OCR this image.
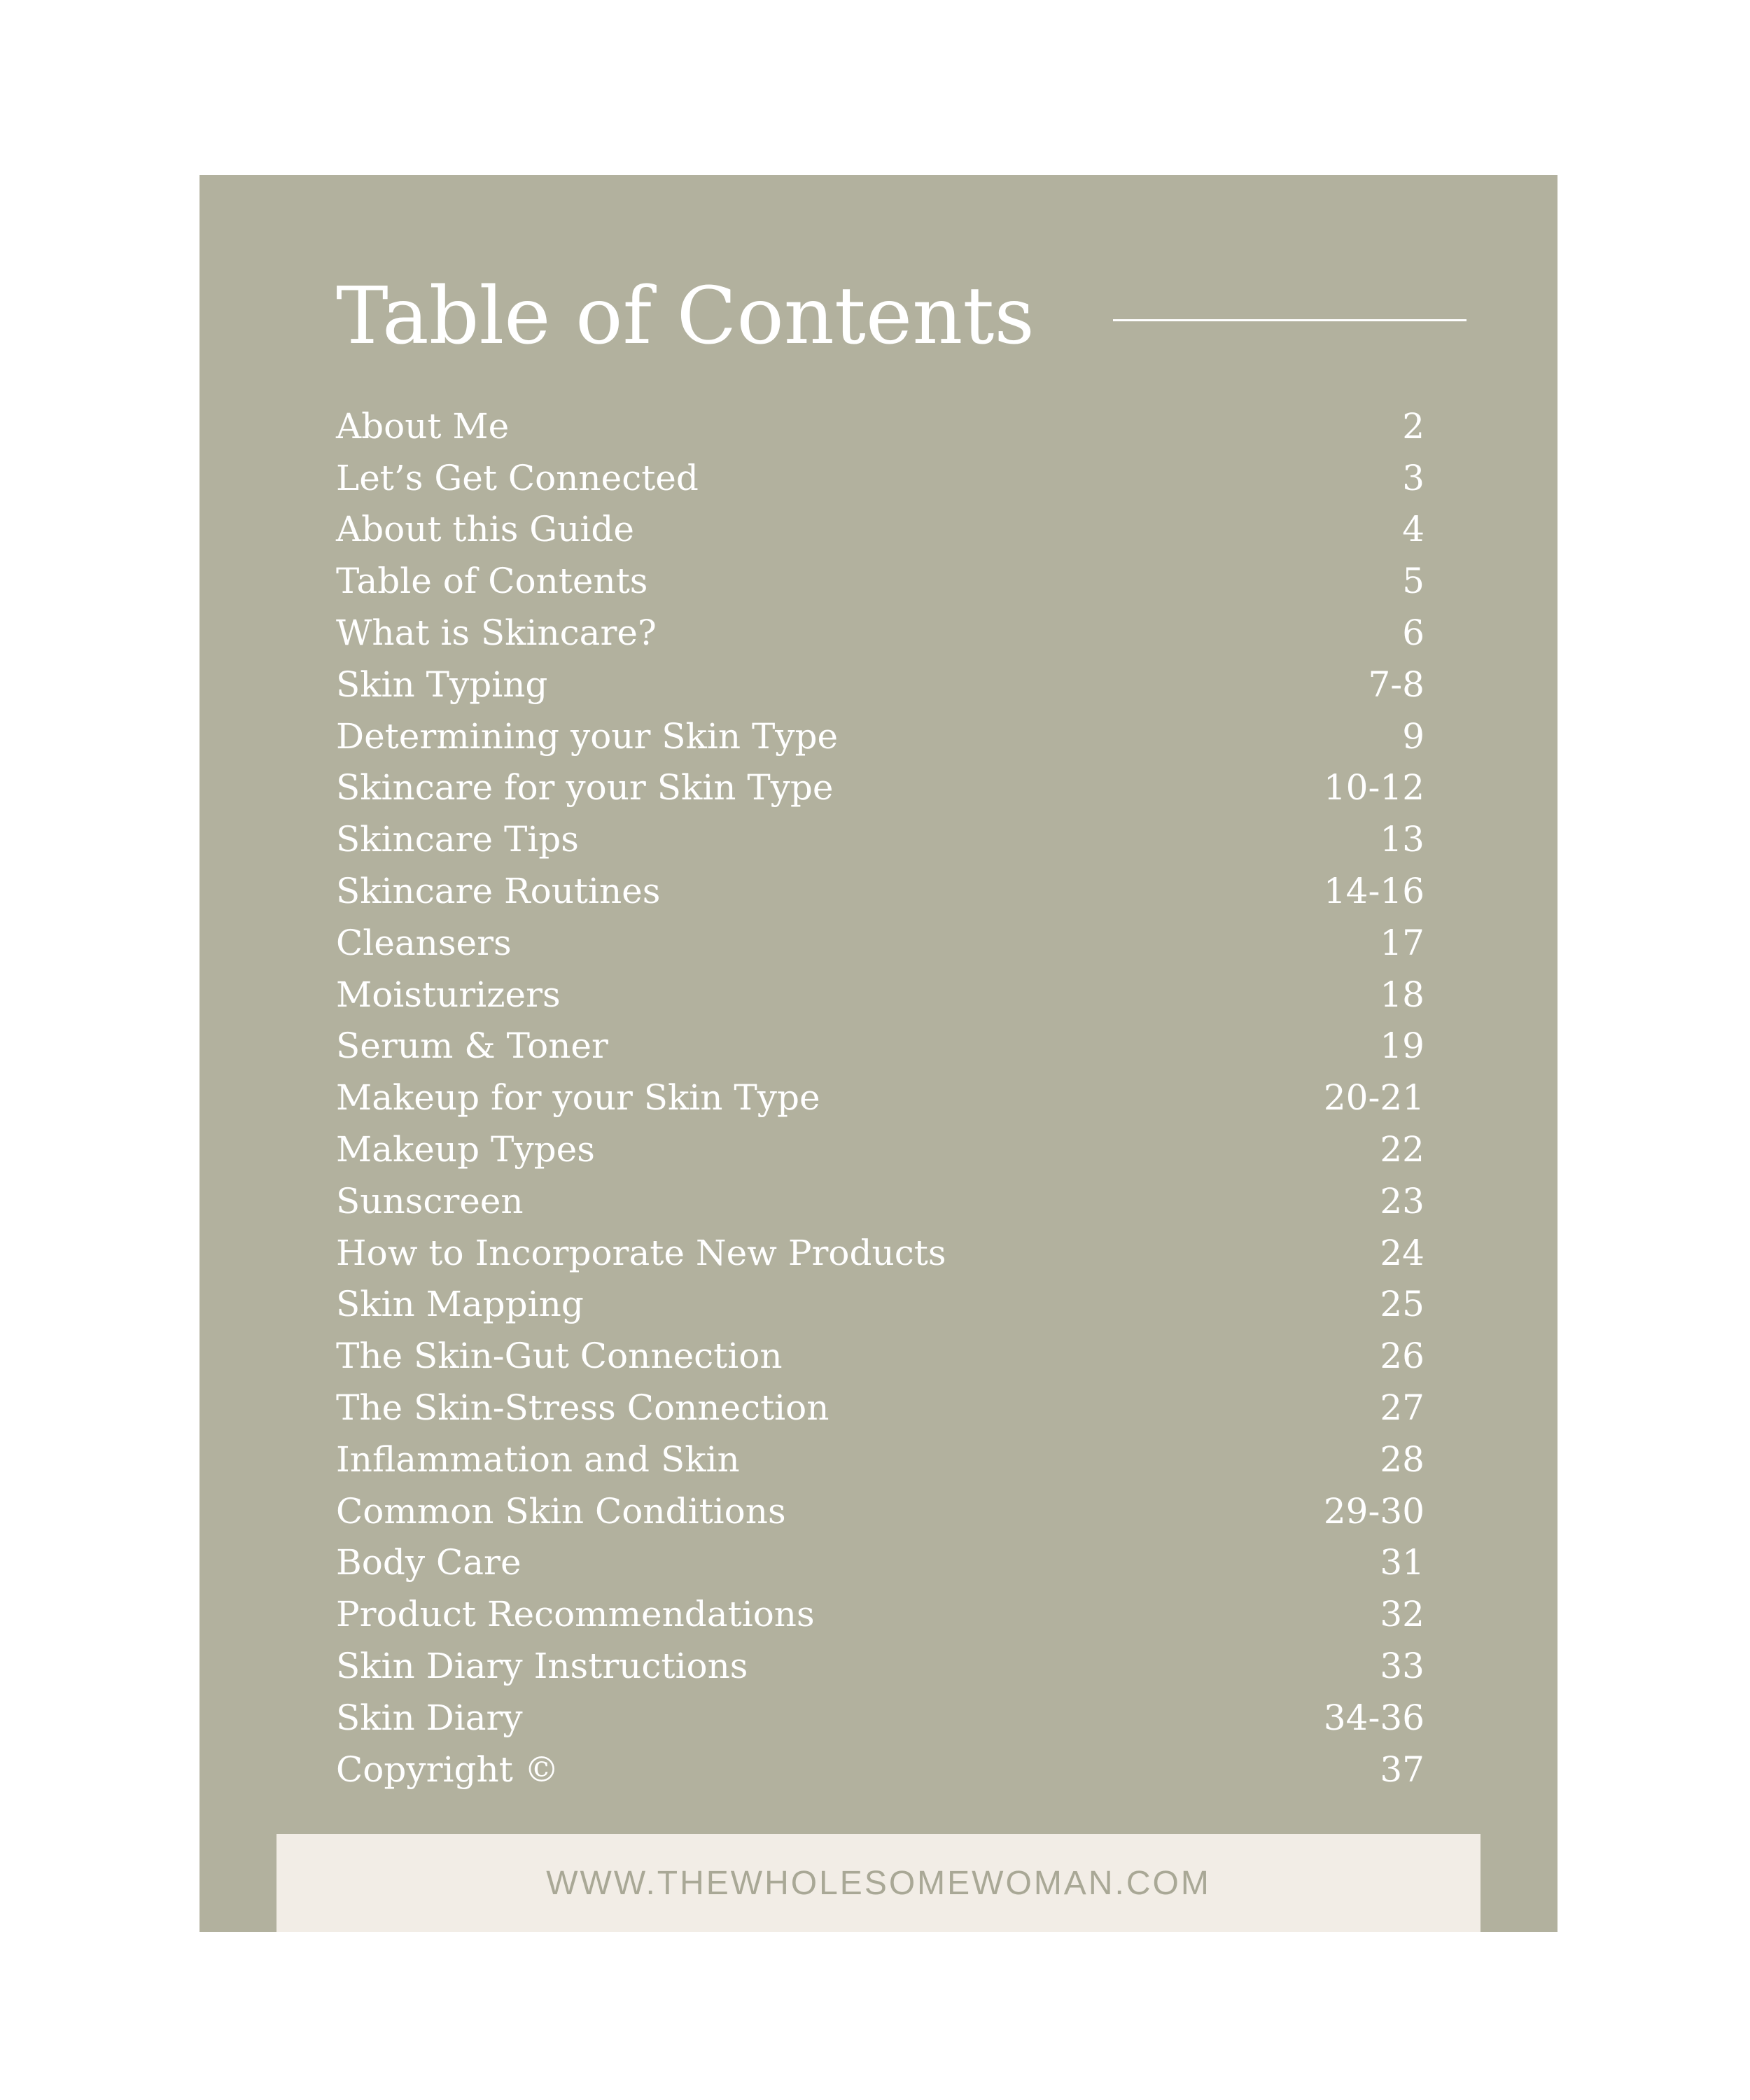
Table of Contents
About Me	2
Let’s Get Connected	3
About this Guide	4
Table of Contents	5
What is Skincare?	6
Skin Typing	7-8
Determining your Skin Type	9
Skincare for your Skin Type	10-12
Skincare Tips	13
Skincare Routines	14-16
Cleansers	17
Moisturizers	18
Serum & Toner	19
Makeup for your Skin Type	20-21
Makeup Types	22
Sunscreen	23
How to Incorporate New Products	24
Skin Mapping	25
The Skin-Gut Connection	26
The Skin-Stress Connection	27
Inflammation and Skin	28
Common Skin Conditions	29-30
Body Care	31
Product Recommendations	32
Skin Diary Instructions	33
Skin Diary	34-36
Copyright ©	37
WWW.THEWHOLESOMEWOMAN.COM
